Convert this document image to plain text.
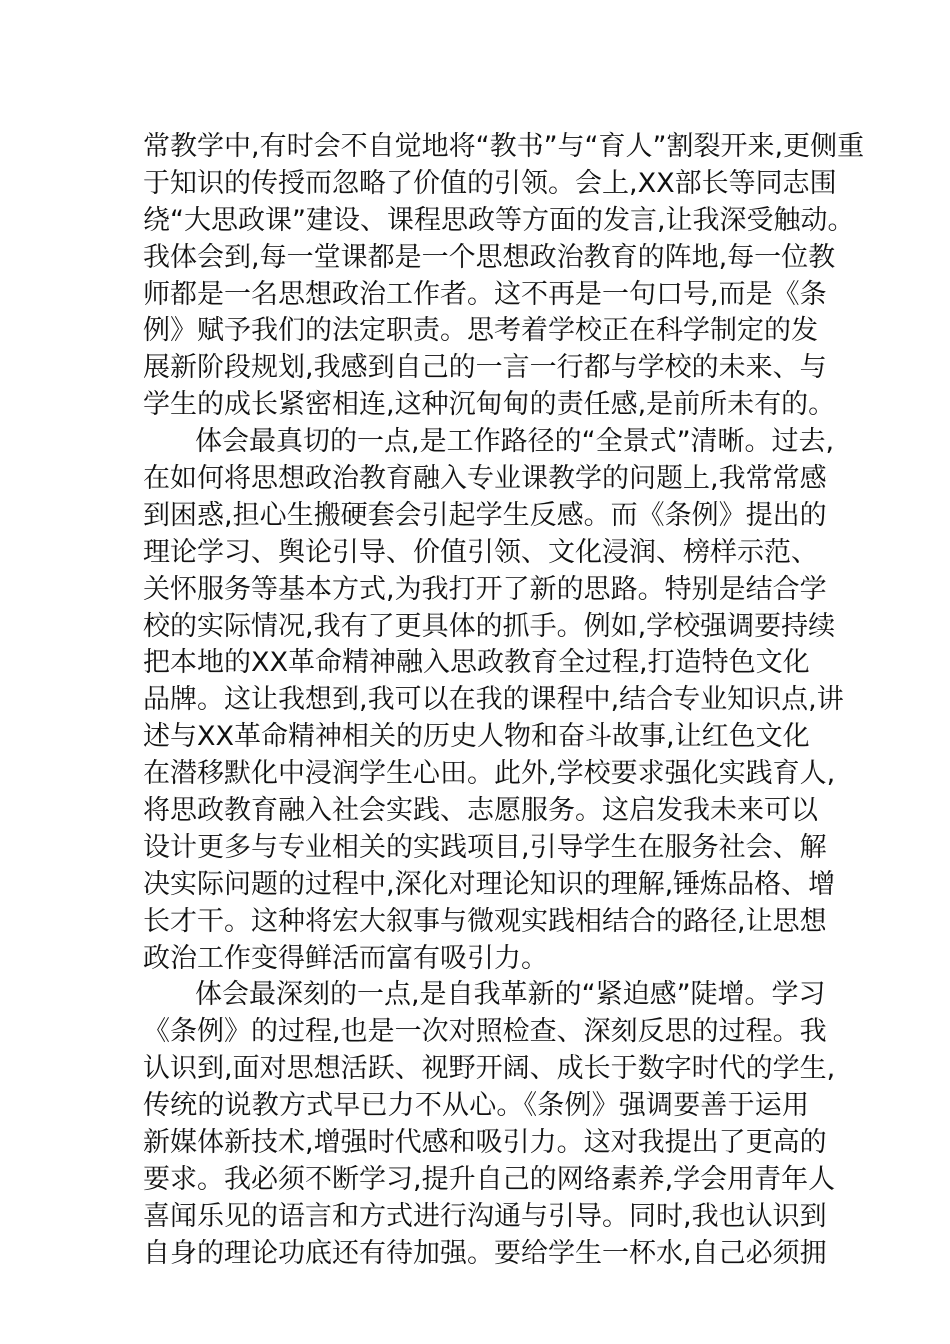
常教学中,有时会不自觉地将“教书”与“育人”割裂开来,更侧重
于知识的传授而忽略了价值的引领。会上,XX部长等同志围
绕“大思政课”建设、课程思政等方面的发言,让我深受触动。
我体会到,每一堂课都是一个思想政治教育的阵地,每一位教
师都是一名思想政治工作者。这不再是一句口号,而是《条
例》赋予我们的法定职责。思考着学校正在科学制定的发
展新阶段规划,我感到自己的一言一行都与学校的未来、与
学生的成长紧密相连,这种沉甸甸的责任感,是前所未有的。
体会最真切的一点,是工作路径的“全景式”清晰。过去,
在如何将思想政治教育融入专业课教学的问题上,我常常感
到困惑,担心生搬硬套会引起学生反感。而《条例》提出的
理论学习、舆论引导、价值引领、文化浸润、榜样示范、
关怀服务等基本方式,为我打开了新的思路。特别是结合学
校的实际情况,我有了更具体的抓手。例如,学校强调要持续
把本地的XX革命精神融入思政教育全过程,打造特色文化
品牌。这让我想到,我可以在我的课程中,结合专业知识点,讲
述与XX革命精神相关的历史人物和奋斗故事,让红色文化
在潜移默化中浸润学生心田。此外,学校要求强化实践育人,
将思政教育融入社会实践、志愿服务。这启发我未来可以
设计更多与专业相关的实践项目,引导学生在服务社会、解
决实际问题的过程中,深化对理论知识的理解,锤炼品格、增
长才干。这种将宏大叙事与微观实践相结合的路径,让思想
政治工作变得鲜活而富有吸引力。
体会最深刻的一点,是自我革新的“紧迫感”陡增。学习
《条例》的过程,也是一次对照检查、深刻反思的过程。我
认识到,面对思想活跃、视野开阔、成长于数字时代的学生,
传统的说教方式早已力不从心。《条例》强调要善于运用
新媒体新技术,增强时代感和吸引力。这对我提出了更高的
要求。我必须不断学习,提升自己的网络素养,学会用青年人
喜闻乐见的语言和方式进行沟通与引导。同时,我也认识到
自身的理论功底还有待加强。要给学生一杯水,自己必须拥
